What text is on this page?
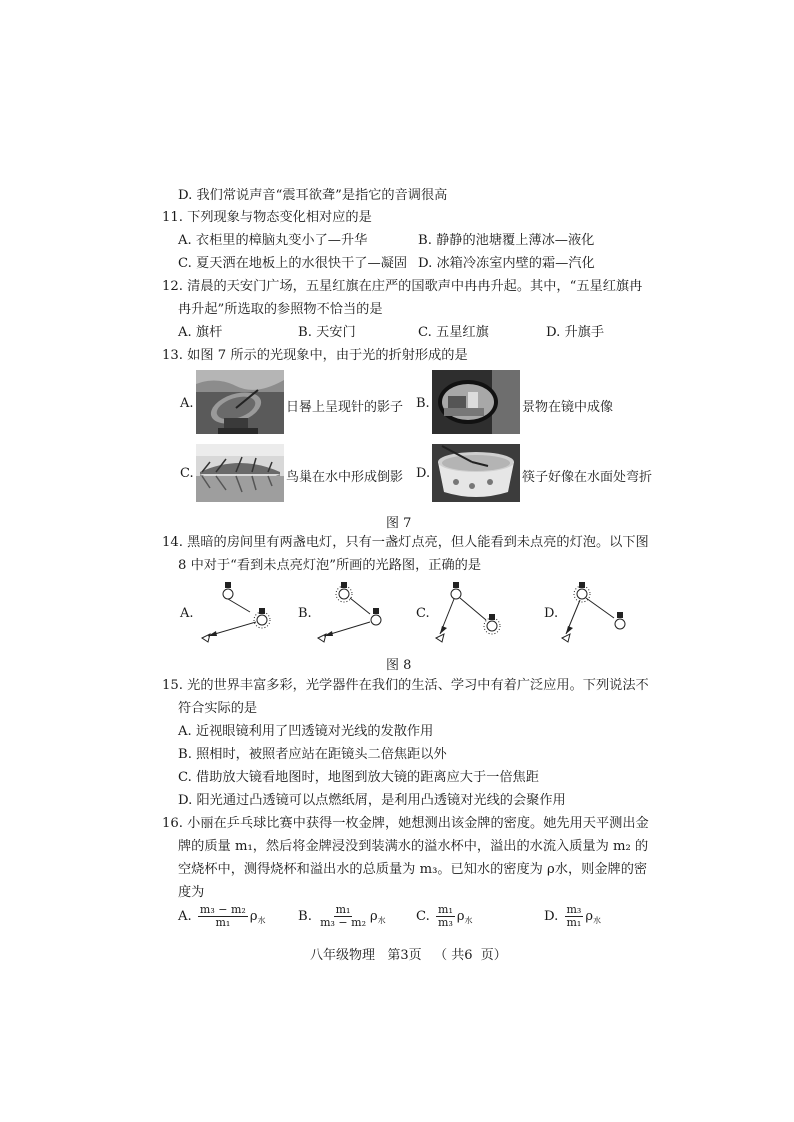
D. 我们常说声音“震耳欲聋”是指它的音调很高
11. 下列现象与物态变化相对应的是
A. 衣柜里的樟脑丸变小了—升华	B. 静静的池塘覆上薄冰—液化
C. 夏天洒在地板上的水很快干了—凝固 D. 冰箱冷冻室内壁的霜—汽化
12. 清晨的天安门广场，五星红旗在庄严的国歌声中冉冉升起。其中，“五星红旗冉
冉升起”所选取的参照物不恰当的是
A. 旗杆	B. 天安门	C. 五星红旗	D. 升旗手
13. 如图 7 所示的光现象中，由于光的折射形成的是
A.	日晷上呈现针的影子 B.	景物在镜中成像
C.	鸟巢在水中形成倒影 D.	筷子好像在水面处弯折
图 7
14. 黑暗的房间里有两盏电灯，只有一盏灯点亮，但人能看到未点亮的灯泡。以下图
8 中对于“看到未点亮灯泡”所画的光路图，正确的是
A.	B.	C.	D.
图 8
15. 光的世界丰富多彩，光学器件在我们的生活、学习中有着广泛应用。下列说法不
符合实际的是
A. 近视眼镜利用了凹透镜对光线的发散作用
B. 照相时，被照者应站在距镜头二倍焦距以外
C. 借助放大镜看地图时，地图到放大镜的距离应大于一倍焦距
D. 阳光通过凸透镜可以点燃纸屑，是利用凸透镜对光线的会聚作用
16. 小丽在乒乓球比赛中获得一枚金牌，她想测出该金牌的密度。她先用天平测出金
牌的质量 m₁，然后将金牌浸没到装满水的溢水杯中，溢出的水流入质量为 m₂ 的
空烧杯中，测得烧杯和溢出水的总质量为 m₃。已知水的密度为 ρ水，则金牌的密
度为
A. $\frac{\text{m₃ − m₂}}{\text{m₁}} \rho_水$ B. $\frac{\text{m₁}}{\text{m₃ − m₂}} \rho_水$ C. $\frac{\text{m₁}}{\text{m₃}} \rho_水$	D. $\frac{\text{m₃}}{\text{m₁}} \rho_水$
八年级物理   第3页   （ 共6  页）
